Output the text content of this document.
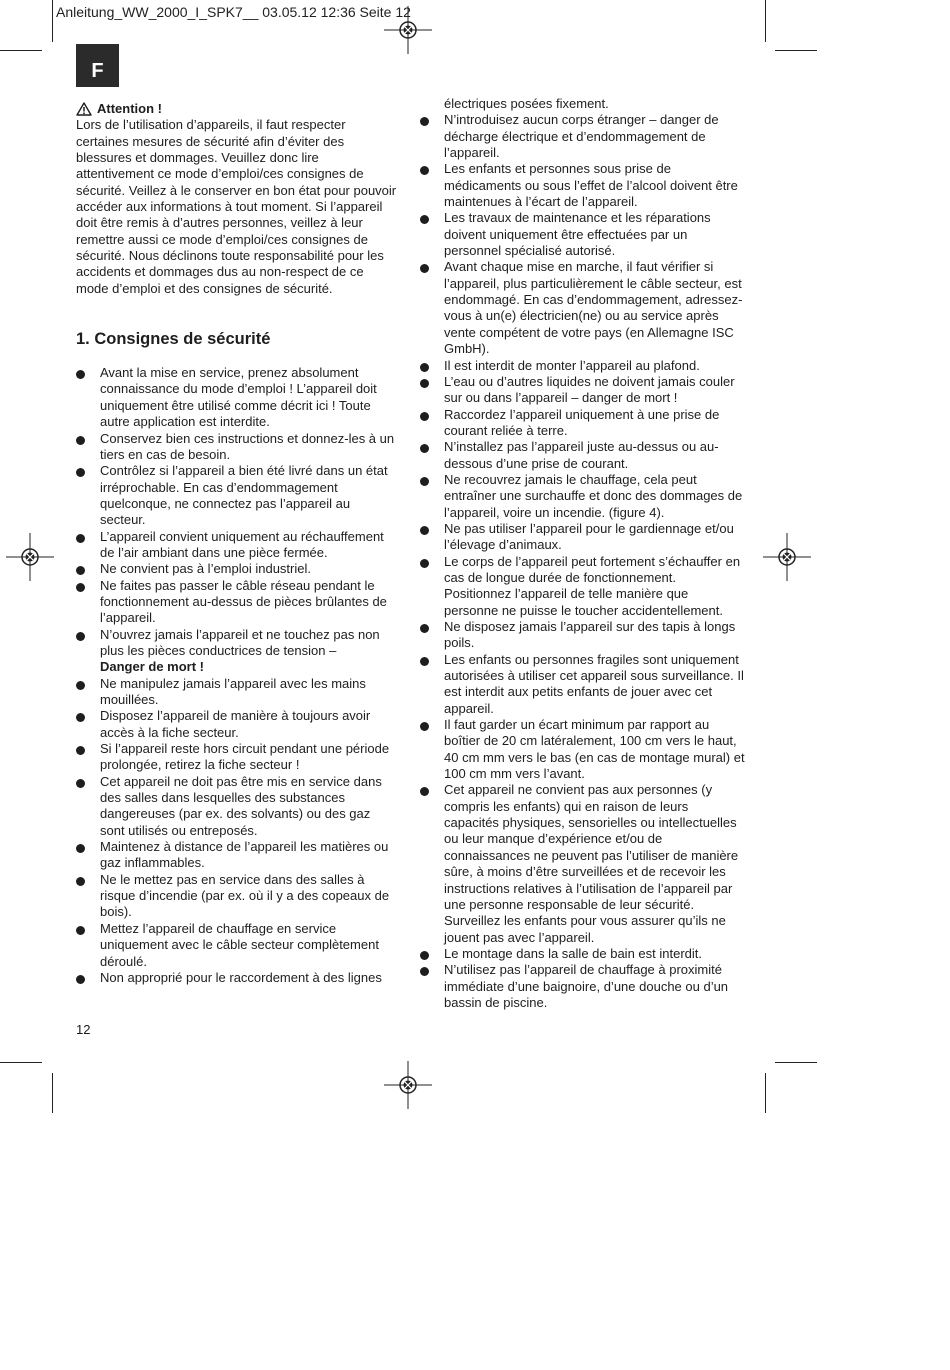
Anleitung_WW_2000_I_SPK7__ 03.05.12 12:36 Seite 12
F
Attention !

Lors de l’utilisation d’appareils, il faut respecter certaines mesures de sécurité afin d’éviter des blessures et dommages. Veuillez donc lire attentivement ce mode d’emploi/ces consignes de sécurité. Veillez à le conserver en bon état pour pouvoir accéder aux informations à tout moment. Si l’appareil doit être remis à d’autres personnes, veillez à leur remettre aussi ce mode d’emploi/ces consignes de sécurité. Nous déclinons toute responsabilité pour les accidents et dommages dus au non-respect de ce mode d’emploi et des consignes de sécurité.

1. Consignes de sécurité
Avant la mise en service, prenez absolument connaissance du mode d’emploi ! L’appareil doit uniquement être utilisé comme décrit ici ! Toute autre application est interdite.
Conservez bien ces instructions et donnez-les à un tiers en cas de besoin.
Contrôlez si l’appareil a bien été livré dans un état irréprochable. En cas d’endommagement quelconque, ne connectez pas l’appareil au secteur.
L’appareil convient uniquement au réchauffement de l’air ambiant dans une pièce fermée.
Ne convient pas à l’emploi industriel.
Ne faites pas passer le câble réseau pendant le fonctionnement au-dessus de pièces brûlantes de l’appareil.
N’ouvrez jamais l’appareil et ne touchez pas non plus les pièces conductrices de tension –
Danger de mort !
Ne manipulez jamais l’appareil avec les mains mouillées.
Disposez l’appareil de manière à toujours avoir accès à la fiche secteur.
Si l’appareil reste hors circuit pendant une période prolongée, retirez la fiche secteur !
Cet appareil ne doit pas être mis en service dans des salles dans lesquelles des substances dangereuses (par ex. des solvants) ou des gaz sont utilisés ou entreposés.
Maintenez à distance de l’appareil les matières ou gaz inflammables.
Ne le mettez pas en service dans des salles à risque d’incendie (par ex. où il y a des copeaux de bois).
Mettez l’appareil de chauffage en service uniquement avec le câble secteur complètement déroulé.
Non approprié pour le raccordement à des lignes
électriques posées fixement.
N’introduisez aucun corps étranger – danger de décharge électrique et d’endommagement de l’appareil.
Les enfants et personnes sous prise de médicaments ou sous l’effet de l’alcool doivent être maintenues à l’écart de l’appareil.
Les travaux de maintenance et les réparations doivent uniquement être effectuées par un personnel spécialisé autorisé.
Avant chaque mise en marche, il faut vérifier si l’appareil, plus particulièrement le câble secteur, est endommagé. En cas d’endommagement, adressez-vous à un(e) électricien(ne) ou au service après vente compétent de votre pays (en Allemagne ISC GmbH).
Il est interdit de monter l’appareil au plafond.
L’eau ou d’autres liquides ne doivent jamais couler sur ou dans l’appareil – danger de mort !
Raccordez l’appareil uniquement à une prise de courant reliée à terre.
N’installez pas l’appareil juste au-dessus ou au-dessous d’une prise de courant.
Ne recouvrez jamais le chauffage, cela peut entraîner une surchauffe et donc des dommages de l’appareil, voire un incendie. (figure 4).
Ne pas utiliser l’appareil pour le gardiennage et/ou l’élevage d’animaux.
Le corps de l’appareil peut fortement s’échauffer en cas de longue durée de fonctionnement. Positionnez l’appareil de telle manière que personne ne puisse le toucher accidentellement.
Ne disposez jamais l’appareil sur des tapis à longs poils.
Les enfants ou personnes fragiles sont uniquement autorisées à utiliser cet appareil sous surveillance. Il est interdit aux petits enfants de jouer avec cet appareil.
Il faut garder un écart minimum par rapport au boîtier de 20 cm latéralement, 100 cm vers le haut, 40 cm mm vers le bas (en cas de montage mural) et 100 cm mm vers l’avant.
Cet appareil ne convient pas aux personnes (y compris les enfants) qui en raison de leurs capacités physiques, sensorielles ou intellectuelles ou leur manque d’expérience et/ou de connaissances ne peuvent pas l’utiliser de manière sûre, à moins d’être surveillées et de recevoir les instructions relatives à l’utilisation de l’appareil par une personne responsable de leur sécurité. Surveillez les enfants pour vous assurer qu’ils ne jouent pas avec l’appareil.
Le montage dans la salle de bain est interdit.
N’utilisez pas l’appareil de chauffage à proximité immédiate d’une baignoire, d’une douche ou d’un bassin de piscine.
12
